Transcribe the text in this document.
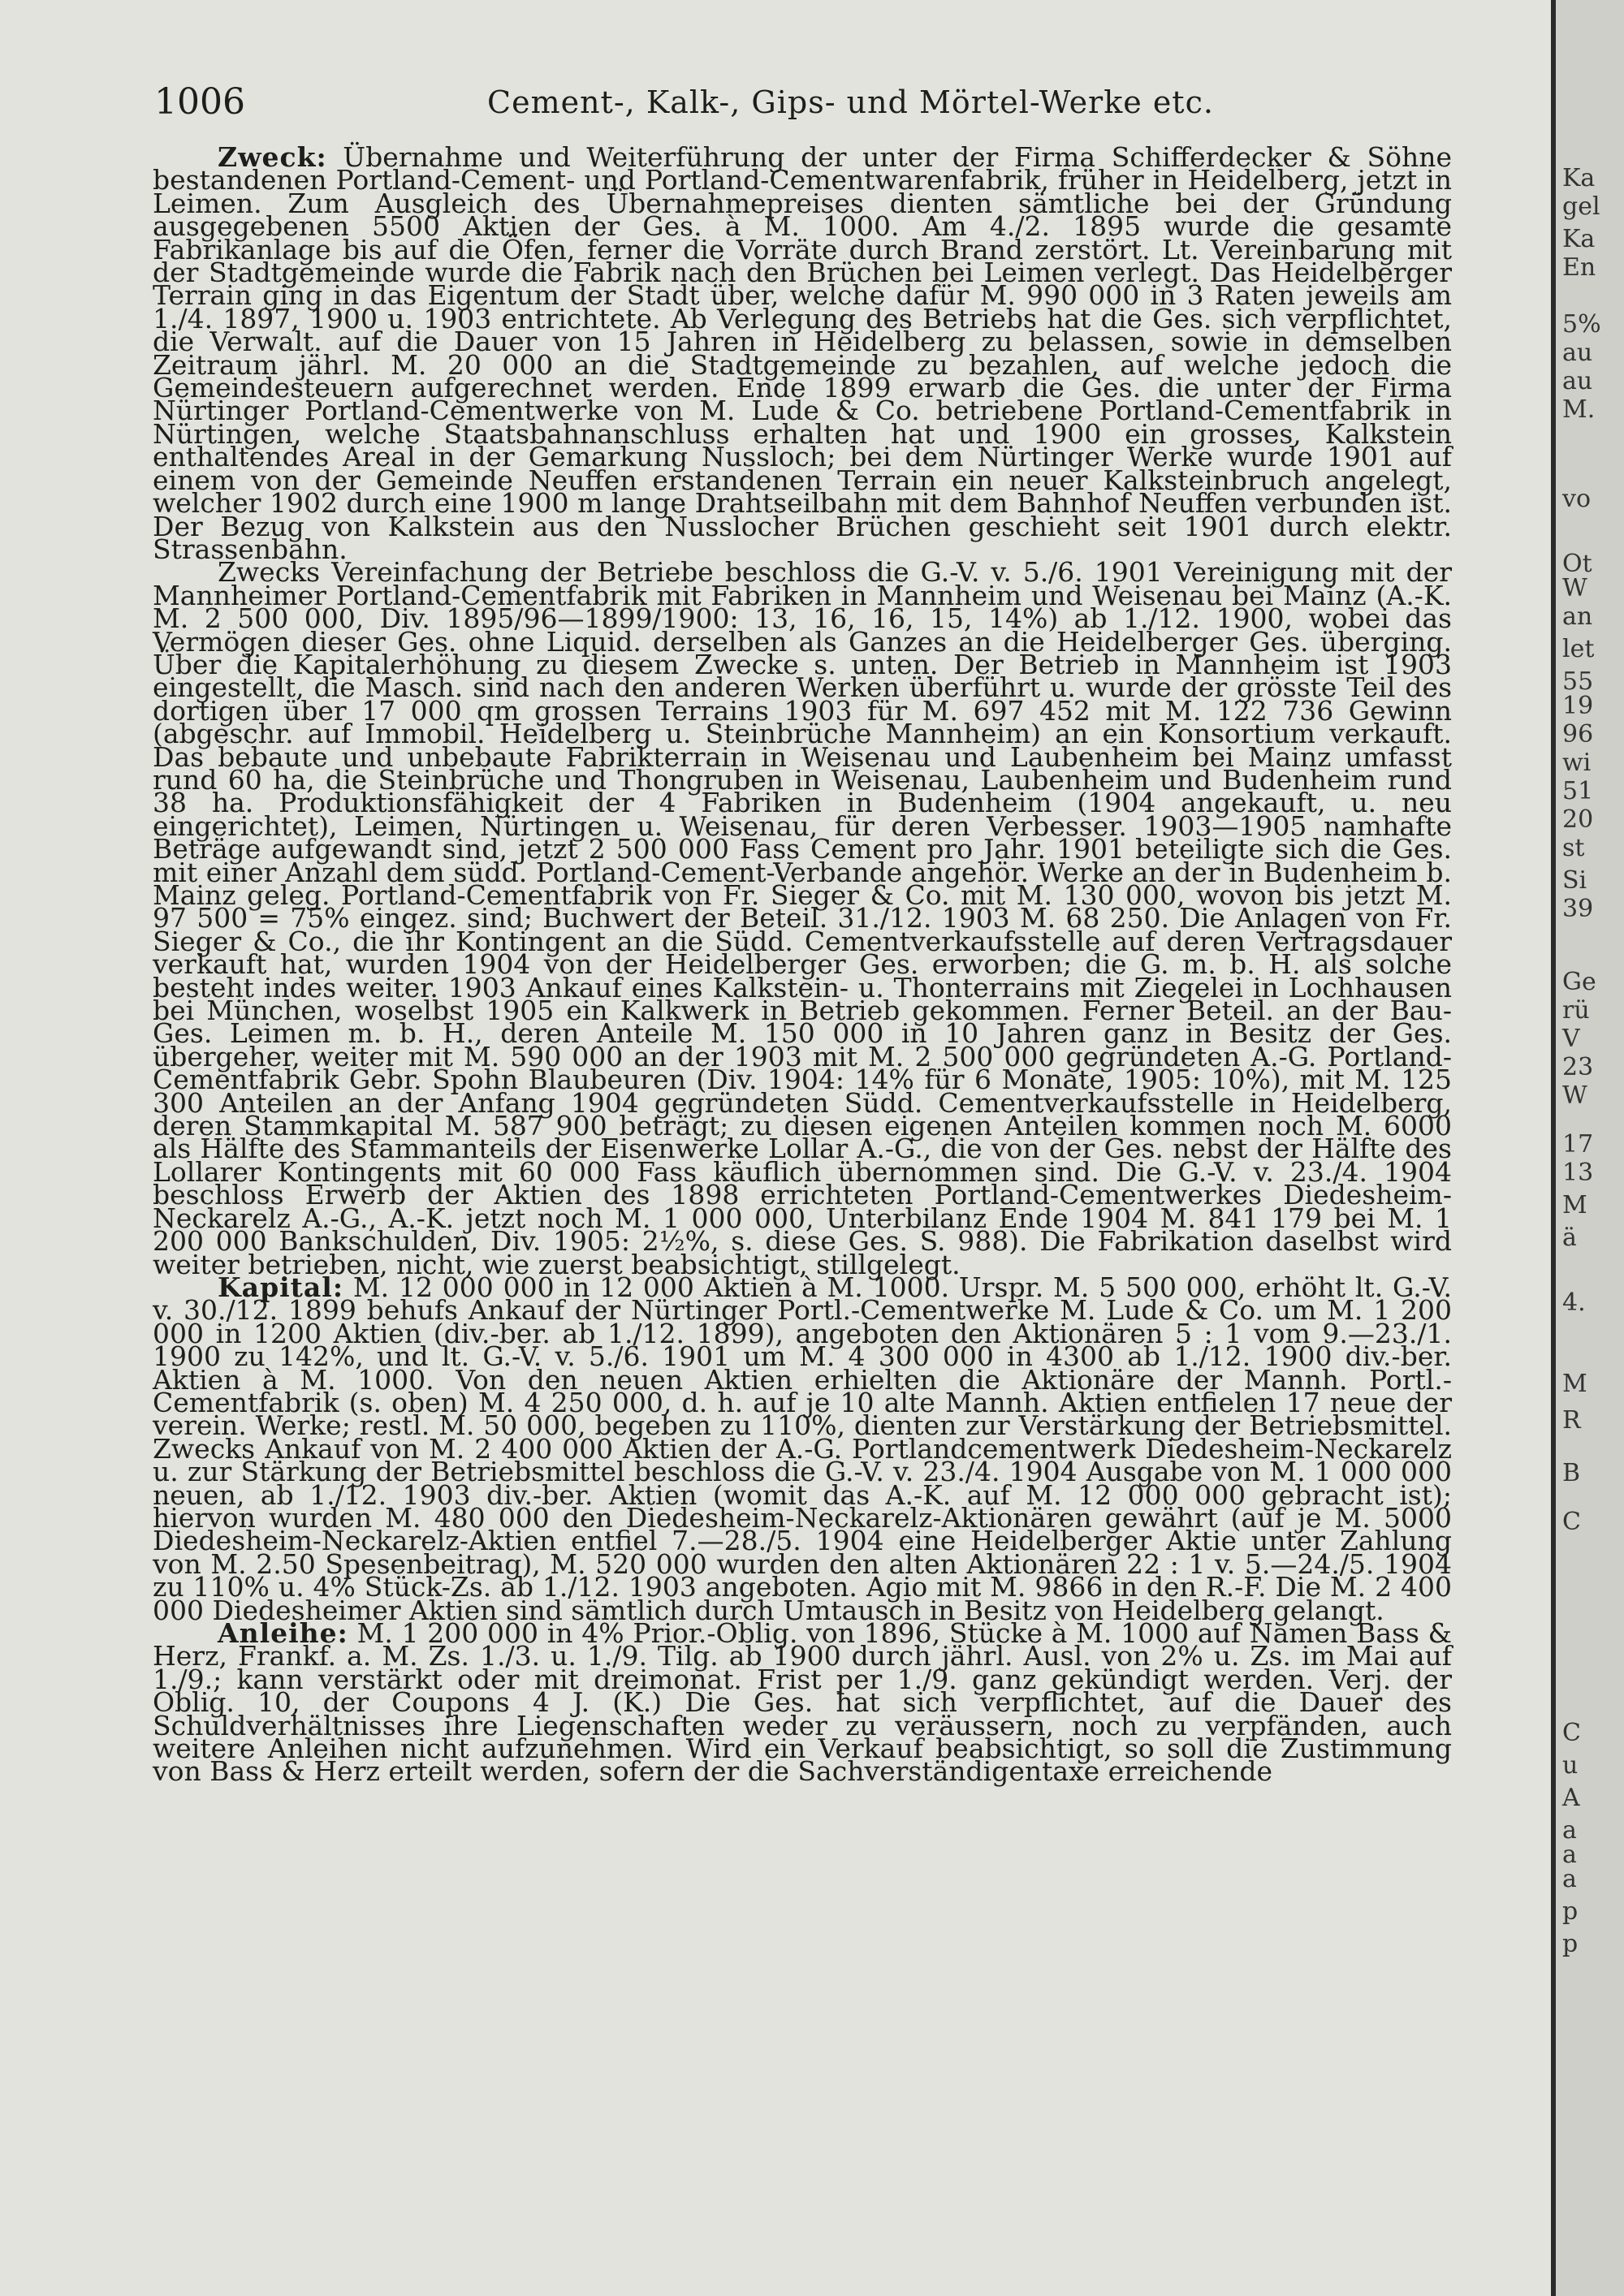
1006	Cement-, Kalk-, Gips- und Mörtel-Werke etc.

Zweck: Übernahme und Weiterführung der unter der Firma Schifferdecker & Söhne bestandenen Portland-Cement- und Portland-Cementwarenfabrik, früher in Heidelberg, jetzt in Leimen. Zum Ausgleich des Übernahmepreises dienten sämtliche bei der Gründung ausgegebenen 5500 Aktien der Ges. à M. 1000. Am 4./2. 1895 wurde die gesamte Fabrikanlage bis auf die Öfen, ferner die Vorräte durch Brand zerstört. Lt. Vereinbarung mit der Stadtgemeinde wurde die Fabrik nach den Brüchen bei Leimen verlegt. Das Heidelberger Terrain ging in das Eigentum der Stadt über, welche dafür M. 990 000 in 3 Raten jeweils am 1./4. 1897, 1900 u. 1903 entrichtete. Ab Verlegung des Betriebs hat die Ges. sich verpflichtet, die Verwalt. auf die Dauer von 15 Jahren in Heidelberg zu belassen, sowie in demselben Zeitraum jährl. M. 20 000 an die Stadtgemeinde zu bezahlen, auf welche jedoch die Gemeindesteuern aufgerechnet werden. Ende 1899 erwarb die Ges. die unter der Firma Nürtinger Portland-Cementwerke von M. Lude & Co. betriebene Portland-Cementfabrik in Nürtingen, welche Staatsbahnanschluss erhalten hat und 1900 ein grosses, Kalkstein enthaltendes Areal in der Gemarkung Nussloch; bei dem Nürtinger Werke wurde 1901 auf einem von der Gemeinde Neuffen erstandenen Terrain ein neuer Kalksteinbruch angelegt, welcher 1902 durch eine 1900 m lange Drahtseilbahn mit dem Bahnhof Neuffen verbunden ist. Der Bezug von Kalkstein aus den Nusslocher Brüchen geschieht seit 1901 durch elektr. Strassenbahn.

Zwecks Vereinfachung der Betriebe beschloss die G.-V. v. 5./6. 1901 Vereinigung mit der Mannheimer Portland-Cementfabrik mit Fabriken in Mannheim und Weisenau bei Mainz (A.-K. M. 2 500 000, Div. 1895/96—1899/1900: 13, 16, 16, 15, 14%) ab 1./12. 1900, wobei das Vermögen dieser Ges. ohne Liquid. derselben als Ganzes an die Heidelberger Ges. überging. Über die Kapitalerhöhung zu diesem Zwecke s. unten. Der Betrieb in Mannheim ist 1903 eingestellt, die Masch. sind nach den anderen Werken überführt u. wurde der grösste Teil des dortigen über 17 000 qm grossen Terrains 1903 für M. 697 452 mit M. 122 736 Gewinn (abgeschr. auf Immobil. Heidelberg u. Steinbrüche Mannheim) an ein Konsortium verkauft. Das bebaute und unbebaute Fabrikterrain in Weisenau und Laubenheim bei Mainz umfasst rund 60 ha, die Steinbrüche und Thongruben in Weisenau, Laubenheim und Budenheim rund 38 ha. Produktionsfähigkeit der 4 Fabriken in Budenheim (1904 angekauft, u. neu eingerichtet), Leimen, Nürtingen u. Weisenau, für deren Verbesser. 1903—1905 namhafte Beträge aufgewandt sind, jetzt 2 500 000 Fass Cement pro Jahr. 1901 beteiligte sich die Ges. mit einer Anzahl dem südd. Portland-Cement-Verbande angehör. Werke an der in Budenheim b. Mainz geleg. Portland-Cementfabrik von Fr. Sieger & Co. mit M. 130 000, wovon bis jetzt M. 97 500 = 75% eingez. sind; Buchwert der Beteil. 31./12. 1903 M. 68 250. Die Anlagen von Fr. Sieger & Co., die ihr Kontingent an die Südd. Cementverkaufsstelle auf deren Vertragsdauer verkauft hat, wurden 1904 von der Heidelberger Ges. erworben; die G. m. b. H. als solche besteht indes weiter. 1903 Ankauf eines Kalkstein- u. Thonterrains mit Ziegelei in Lochhausen bei München, woselbst 1905 ein Kalkwerk in Betrieb gekommen. Ferner Beteil. an der Bau-Ges. Leimen m. b. H., deren Anteile M. 150 000 in 10 Jahren ganz in Besitz der Ges. übergeher, weiter mit M. 590 000 an der 1903 mit M. 2 500 000 gegründeten A.-G. Portland-Cementfabrik Gebr. Spohn Blaubeuren (Div. 1904: 14% für 6 Monate, 1905: 10%), mit M. 125 300 Anteilen an der Anfang 1904 gegründeten Südd. Cementverkaufsstelle in Heidelberg, deren Stammkapital M. 587 900 beträgt; zu diesen eigenen Anteilen kommen noch M. 6000 als Hälfte des Stammanteils der Eisenwerke Lollar A.-G., die von der Ges. nebst der Hälfte des Lollarer Kontingents mit 60 000 Fass käuflich übernommen sind. Die G.-V. v. 23./4. 1904 beschloss Erwerb der Aktien des 1898 errichteten Portland-Cementwerkes Diedesheim-Neckarelz A.-G., A.-K. jetzt noch M. 1 000 000, Unterbilanz Ende 1904 M. 841 179 bei M. 1 200 000 Bankschulden, Div. 1905: 2½%, s. diese Ges. S. 988). Die Fabrikation daselbst wird weiter betrieben, nicht, wie zuerst beabsichtigt, stillgelegt.

Kapital: M. 12 000 000 in 12 000 Aktien à M. 1000. Urspr. M. 5 500 000, erhöht lt. G.-V. v. 30./12. 1899 behufs Ankauf der Nürtinger Portl.-Cementwerke M. Lude & Co. um M. 1 200 000 in 1200 Aktien (div.-ber. ab 1./12. 1899), angeboten den Aktionären 5 : 1 vom 9.—23./1. 1900 zu 142%, und lt. G.-V. v. 5./6. 1901 um M. 4 300 000 in 4300 ab 1./12. 1900 div.-ber. Aktien à M. 1000. Von den neuen Aktien erhielten die Aktionäre der Mannh. Portl.-Cementfabrik (s. oben) M. 4 250 000, d. h. auf je 10 alte Mannh. Aktien entfielen 17 neue der verein. Werke; restl. M. 50 000, begeben zu 110%, dienten zur Verstärkung der Betriebsmittel. Zwecks Ankauf von M. 2 400 000 Aktien der A.-G. Portlandcementwerk Diedesheim-Neckarelz u. zur Stärkung der Betriebsmittel beschloss die G.-V. v. 23./4. 1904 Ausgabe von M. 1 000 000 neuen, ab 1./12. 1903 div.-ber. Aktien (womit das A.-K. auf M. 12 000 000 gebracht ist); hiervon wurden M. 480 000 den Diedesheim-Neckarelz-Aktionären gewährt (auf je M. 5000 Diedesheim-Neckarelz-Aktien entfiel 7.—28./5. 1904 eine Heidelberger Aktie unter Zahlung von M. 2.50 Spesenbeitrag), M. 520 000 wurden den alten Aktionären 22 : 1 v. 5.—24./5. 1904 zu 110% u. 4% Stück-Zs. ab 1./12. 1903 angeboten. Agio mit M. 9866 in den R.-F. Die M. 2 400 000 Diedesheimer Aktien sind sämtlich durch Umtausch in Besitz von Heidelberg gelangt.

Anleihe: M. 1 200 000 in 4% Prior.-Oblig. von 1896, Stücke à M. 1000 auf Namen Bass & Herz, Frankf. a. M. Zs. 1./3. u. 1./9. Tilg. ab 1900 durch jährl. Ausl. von 2% u. Zs. im Mai auf 1./9.; kann verstärkt oder mit dreimonat. Frist per 1./9. ganz gekündigt werden. Verj. der Oblig. 10, der Coupons 4 J. (K.) Die Ges. hat sich verpflichtet, auf die Dauer des Schuldverhältnisses ihre Liegenschaften weder zu veräussern, noch zu verpfänden, auch weitere Anleihen nicht aufzunehmen. Wird ein Verkauf beabsichtigt, so soll die Zustimmung von Bass & Herz erteilt werden, sofern der die Sachverständigentaxe erreichende

Ka
gel
Ka
En
5%
au
au
M.
vo
Ot
W
an
let
55
19
96
wi
51
20
st
Si
39
Ge
rü
V
23
W
17
13
M
ä
4.
M
R
B
C
C
u
A
a
a
a
p
p
